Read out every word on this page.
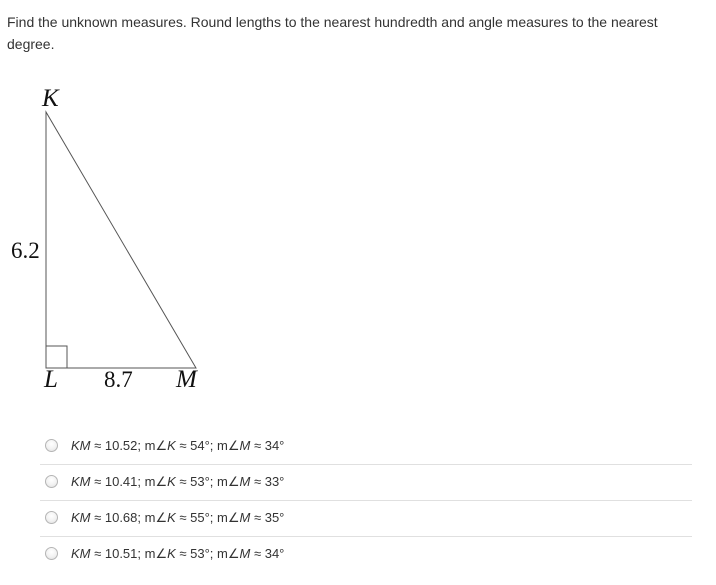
Find the unknown measures. Round lengths to the nearest hundredth and angle measures to the nearest degree.
K
L	M
6.2
8.7
KM ≈ 10.52; m∠K ≈ 54°; m∠M ≈ 34°
KM ≈ 10.41; m∠K ≈ 53°; m∠M ≈ 33°
KM ≈ 10.68; m∠K ≈ 55°; m∠M ≈ 35°
KM ≈ 10.51; m∠K ≈ 53°; m∠M ≈ 34°
